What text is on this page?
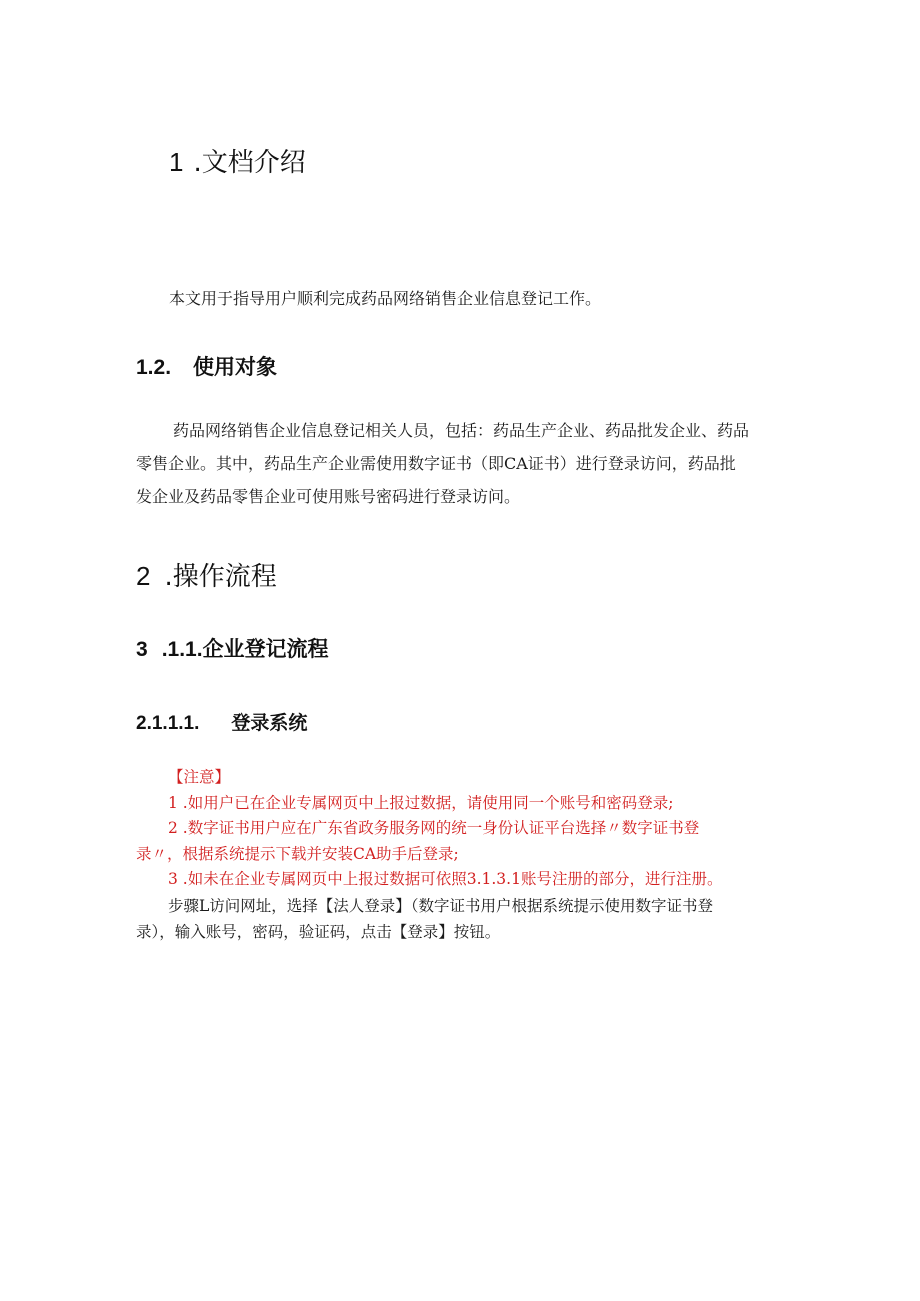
1 .文档介绍

本文用于指导用户顺利完成药品网络销售企业信息登记工作。

1.2. 使用对象

药品网络销售企业信息登记相关人员，包括：药品生产企业、药品批发企业、药品
零售企业。其中，药品生产企业需使用数字证书（即CA证书）进行登录访问，药品批
发企业及药品零售企业可使用账号密码进行登录访问。

2 .操作流程
3 .1.1.企业登记流程
2.1.1.1. 登录系统
【注意】
1 .如用户已在企业专属网页中上报过数据，请使用同一个账号和密码登录;
2 .数字证书用户应在广东省政务服务网的统一身份认证平台选择〃数字证书登
录〃，根据系统提示下载并安装CA助手后登录;
3 .如未在企业专属网页中上报过数据可依照3.1.3.1账号注册的部分，进行注册。
步骤L访问网址，选择【法人登录】（数字证书用户根据系统提示使用数字证书登
录），输入账号，密码，验证码，点击【登录】按钮。
